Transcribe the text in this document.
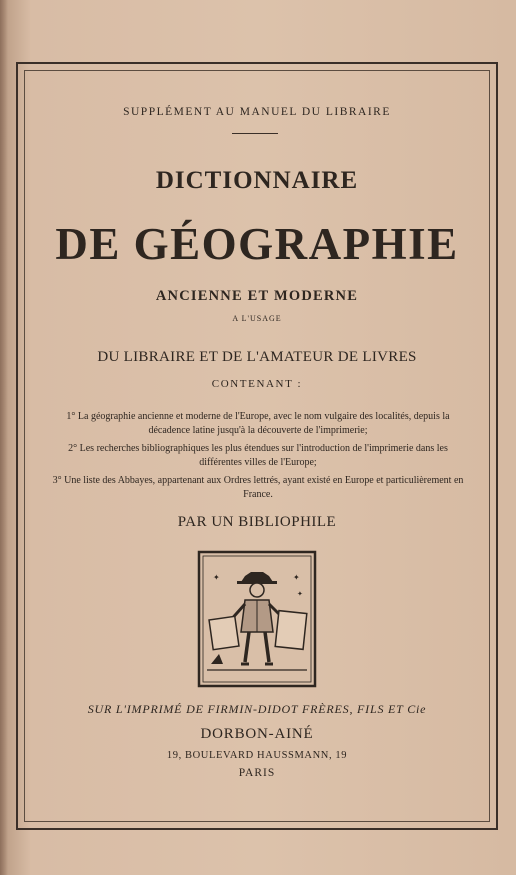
SUPPLÉMENT AU MANUEL DU LIBRAIRE
DICTIONNAIRE
DE GÉOGRAPHIE
ANCIENNE ET MODERNE
A L'USAGE
DU LIBRAIRE ET DE L'AMATEUR DE LIVRES
CONTENANT :
1° La géographie ancienne et moderne de l'Europe, avec le nom vulgaire des localités, depuis la décadence latine jusqu'à la découverte de l'imprimerie;
2° Les recherches bibliographiques les plus étendues sur l'introduction de l'imprimerie dans les différentes villes de l'Europe;
3° Une liste des Abbayes, appartenant aux Ordres lettrés, ayant existé en Europe et particulièrement en France.
PAR UN BIBLIOPHILE
✦	✦
✦
SUR L'IMPRIMÉ DE FIRMIN-DIDOT FRÈRES, FILS ET Cie
DORBON-AINÉ
19, BOULEVARD HAUSSMANN, 19
PARIS
